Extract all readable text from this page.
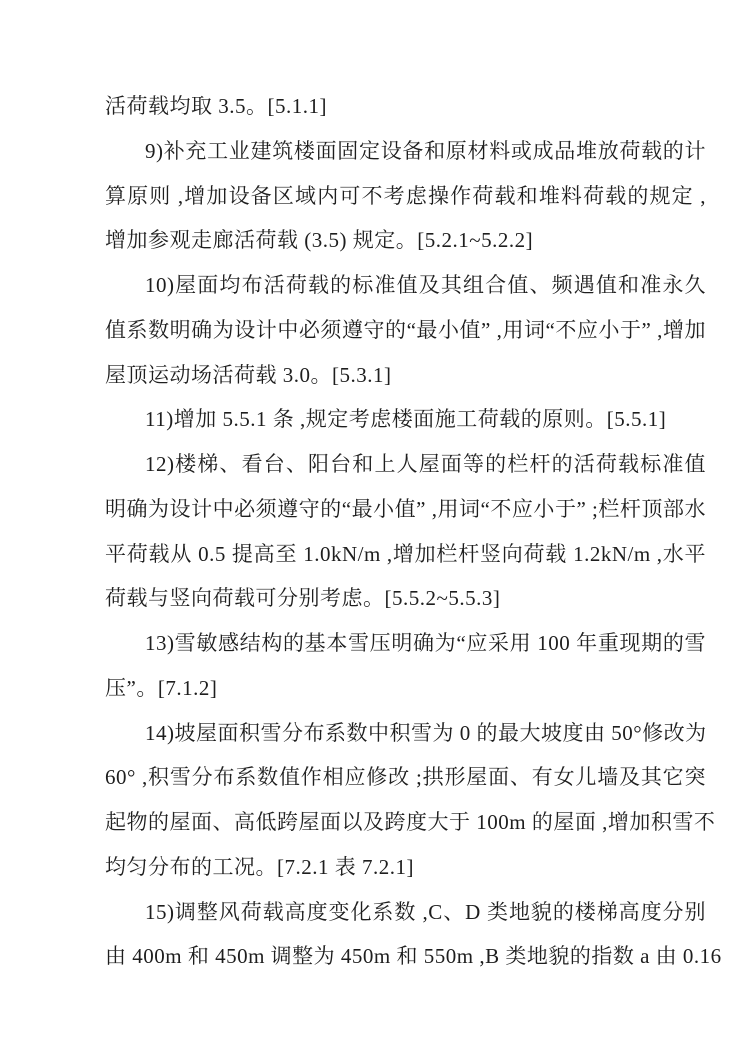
活荷载均取 3.5。[5.1.1]
9)补充工业建筑楼面固定设备和原材料或成品堆放荷载的计
算原则 ,增加设备区域内可不考虑操作荷载和堆料荷载的规定 ,
增加参观走廊活荷载 (3.5) 规定。[5.2.1~5.2.2]
10)屋面均布活荷载的标准值及其组合值、频遇值和准永久
值系数明确为设计中必须遵守的“最小值” ,用词“不应小于” ,增加
屋顶运动场活荷载 3.0。[5.3.1]
11)增加 5.5.1 条 ,规定考虑楼面施工荷载的原则。[5.5.1]
12)楼梯、看台、阳台和上人屋面等的栏杆的活荷载标准值
明确为设计中必须遵守的“最小值” ,用词“不应小于” ;栏杆顶部水
平荷载从 0.5 提高至 1.0kN/m ,增加栏杆竖向荷载 1.2kN/m ,水平
荷载与竖向荷载可分别考虑。[5.5.2~5.5.3]
13)雪敏感结构的基本雪压明确为“应采用 100 年重现期的雪
压”。[7.1.2]
14)坡屋面积雪分布系数中积雪为 0 的最大坡度由 50°修改为
60° ,积雪分布系数值作相应修改 ;拱形屋面、有女儿墙及其它突
起物的屋面、高低跨屋面以及跨度大于 100m 的屋面 ,增加积雪不
均匀分布的工况。[7.2.1 表 7.2.1]
15)调整风荷载高度变化系数 ,C、D 类地貌的楼梯高度分别
由 400m 和 450m 调整为 450m 和 550m ,B 类地貌的指数 a 由 0.16
